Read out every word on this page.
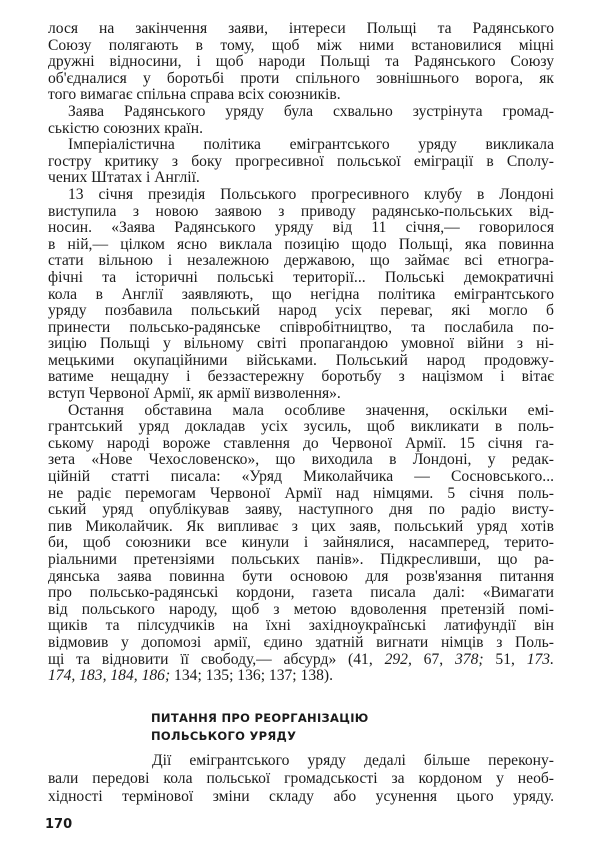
лося на закінчення заяви, інтереси Польщі та Радянського
Союзу полягають в тому, щоб між ними встановилися міцні
дружні відносини, і щоб народи Польщі та Радянського Союзу
об'єдналися у боротьбі проти спільного зовнішнього ворога, як
того вимагає спільна справа всіх союзників.
Заява Радянського уряду була схвально зустрінута громад-
ськістю союзних країн.
Імперіалістична політика емігрантського уряду викликала
гостру критику з боку прогресивної польської еміграції в Сполу-
чених Штатах і Англії.
13 січня президія Польського прогресивного клубу в Лондоні
виступила з новою заявою з приводу радянсько-польських від-
носин. «Заява Радянського уряду від 11 січня,— говорилося
в ній,— цілком ясно виклала позицію щодо Польщі, яка повинна
стати вільною і незалежною державою, що займає всі етногра-
фічні та історичні польські території... Польські демократичні
кола в Англії заявляють, що негідна політика емігрантського
уряду позбавила польський народ усіх переваг, які могло б
принести польсько-радянське співробітництво, та послабила по-
зицію Польщі у вільному світі пропагандою умовної війни з ні-
мецькими окупаційними військами. Польський народ продовжу-
ватиме нещадну і беззастережну боротьбу з націзмом і вітає
вступ Червоної Армії, як армії визволення».
Остання обставина мала особливе значення, оскільки емі-
грантський уряд докладав усіх зусиль, щоб викликати в поль-
ському народі вороже ставлення до Червоної Армії. 15 січня га-
зета «Нове Чехословенско», що виходила в Лондоні, у редак-
ційній статті писала: «Уряд Миколайчика — Сосновського...
не радіє перемогам Червоної Армії над німцями. 5 січня поль-
ський уряд опублікував заяву, наступного дня по радіо висту-
пив Миколайчик. Як випливає з цих заяв, польський уряд хотів
би, щоб союзники все кинули і зайнялися, насамперед, терито-
ріальними претензіями польських панів». Підкресливши, що ра-
дянська заява повинна бути основою для розв'язання питання
про польсько-радянські кордони, газета писала далі: «Вимагати
від польського народу, щоб з метою вдоволення претензій помі-
щиків та пілсудчиків на їхні західноукраїнські латифундії він
відмовив у допомозі армії, єдино здатній вигнати німців з Поль-
щі та відновити її свободу,— абсурд» (41, 292, 67, 378; 51, 173.
174, 183, 184, 186; 134; 135; 136; 137; 138).
ПИТАННЯ ПРО РЕОРГАНІЗАЦІЮ
ПОЛЬСЬКОГО УРЯДУ
Дії емігрантського уряду дедалі більше перекону-
вали передові кола польської громадськості за кордоном у необ-
хідності термінової зміни складу або усунення цього уряду.
170
